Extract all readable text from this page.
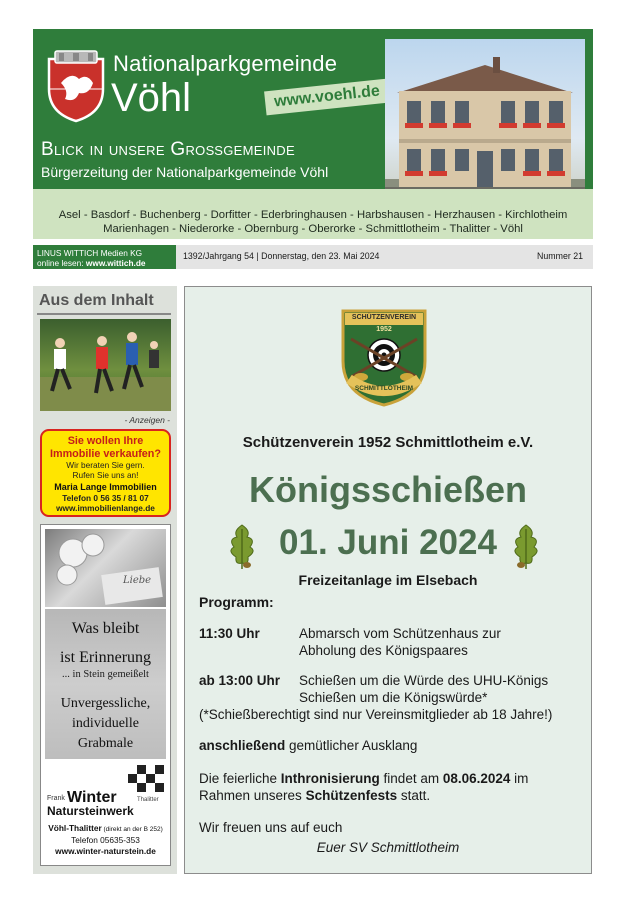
Nationalparkgemeinde
Vöhl	www.voehl.de
Blick in unsere Großgemeinde
Bürgerzeitung der Nationalparkgemeinde Vöhl
Asel - Basdorf - Buchenberg - Dorfitter - Ederbringhausen - Harbshausen - Herzhausen - Kirchlotheim
Marienhagen - Niederorke - Obernburg - Oberorke - Schmittlotheim - Thalitter - Vöhl
LINUS WITTICH Medien KG
online lesen: www.wittich.de
1392/Jahrgang 54 | Donnerstag, den 23. Mai 2024	Nummer 21
Aus dem Inhalt
- Anzeigen -
Sie wollen Ihre
Immobilie verkaufen?
Wir beraten Sie gern.
Rufen Sie uns an!
Maria Lange Immobilien
Telefon 0 56 35 / 81 07
www.immobilienlange.de
Liebe
Was bleibt
ist Erinnerung
... in Stein gemeißelt
Unvergessliche,
individuelle
Grabmale
Frank Winter
Natursteinwerk
Thalitter
Vöhl-Thalitter (direkt an der B 252)
Telefon 05635-353
www.winter-naturstein.de
SCHÜTZENVEREIN
1952
SCHMITTLOTHEIM
Schützenverein 1952 Schmittlotheim e.V.
Königsschießen
01. Juni 2024
Freizeitanlage im Elsebach
Programm:
11:30 Uhr	Abmarsch vom Schützenhaus zur
Abholung des Königspaares
ab 13:00 Uhr Schießen um die Würde des UHU-Königs
Schießen um die Königswürde*
(*Schießberechtigt sind nur Vereinsmitglieder ab 18 Jahre!)
anschließend gemütlicher Ausklang
Die feierliche Inthronisierung findet am 08.06.2024 im
Rahmen unseres Schützenfests statt.
Wir freuen uns auf euch
Euer SV Schmittlotheim
